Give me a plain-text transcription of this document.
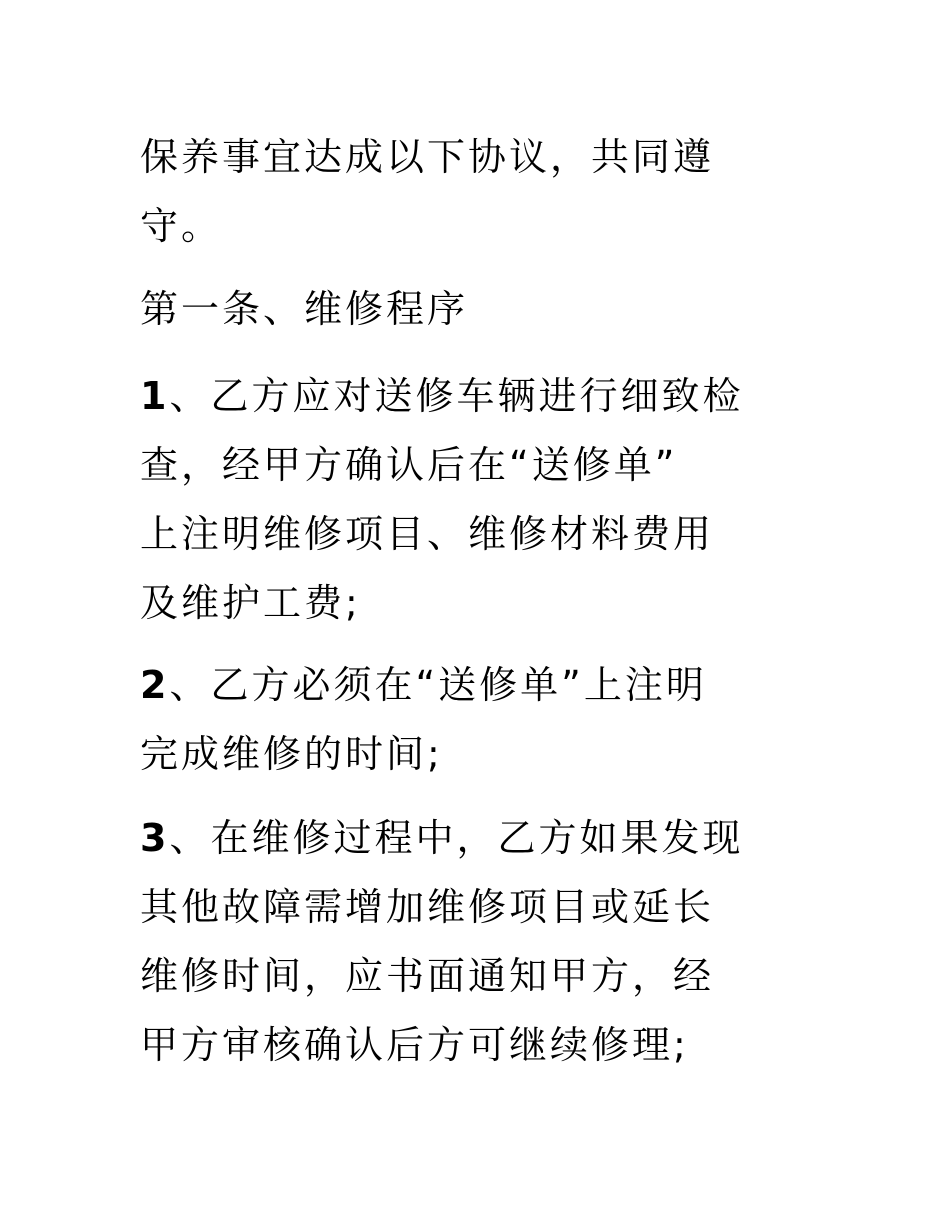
保养事宜达成以下协议，共同遵
守。
第一条、维修程序
1、乙方应对送修车辆进行细致检
查，经甲方确认后在“送修单”
上注明维修项目、维修材料费用
及维护工费;
2、乙方必须在“送修单”上注明
完成维修的时间;
3、在维修过程中，乙方如果发现
其他故障需增加维修项目或延长
维修时间，应书面通知甲方，经
甲方审核确认后方可继续修理;
